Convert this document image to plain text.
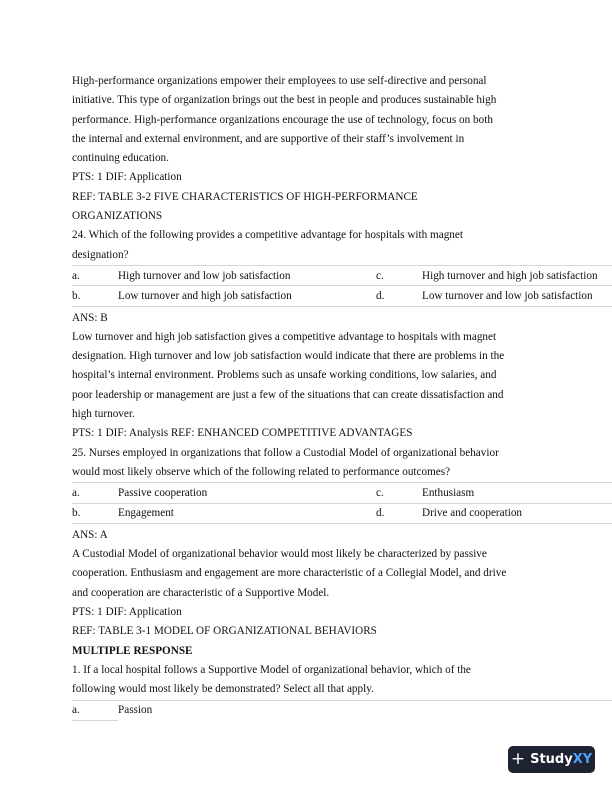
High-performance organizations empower their employees to use self-directive and personal

initiative. This type of organization brings out the best in people and produces sustainable high

performance. High-performance organizations encourage the use of technology, focus on both

the internal and external environment, and are supportive of their staff’s involvement in

continuing education.

PTS: 1 DIF: Application

REF: TABLE 3-2 FIVE CHARACTERISTICS OF HIGH-PERFORMANCE

ORGANIZATIONS

24. Which of the following provides a competitive advantage for hospitals with magnet

designation?

a.	High turnover and low job satisfaction	c.	High turnover and high job satisfaction
b.	Low turnover and high job satisfaction	d.	Low turnover and low job satisfaction

ANS: B

Low turnover and high job satisfaction gives a competitive advantage to hospitals with magnet

designation. High turnover and low job satisfaction would indicate that there are problems in the

hospital’s internal environment. Problems such as unsafe working conditions, low salaries, and

poor leadership or management are just a few of the situations that can create dissatisfaction and

high turnover.

PTS: 1 DIF: Analysis REF: ENHANCED COMPETITIVE ADVANTAGES

25. Nurses employed in organizations that follow a Custodial Model of organizational behavior

would most likely observe which of the following related to performance outcomes?

a.	Passive cooperation	c.	Enthusiasm
b.	Engagement	d.	Drive and cooperation

ANS: A

A Custodial Model of organizational behavior would most likely be characterized by passive

cooperation. Enthusiasm and engagement are more characteristic of a Collegial Model, and drive

and cooperation are characteristic of a Supportive Model.

PTS: 1 DIF: Application

REF: TABLE 3-1 MODEL OF ORGANIZATIONAL BEHAVIORS

MULTIPLE RESPONSE

1. If a local hospital follows a Supportive Model of organizational behavior, which of the

following would most likely be demonstrated? Select all that apply.

a.	Passion
+ Study XY
